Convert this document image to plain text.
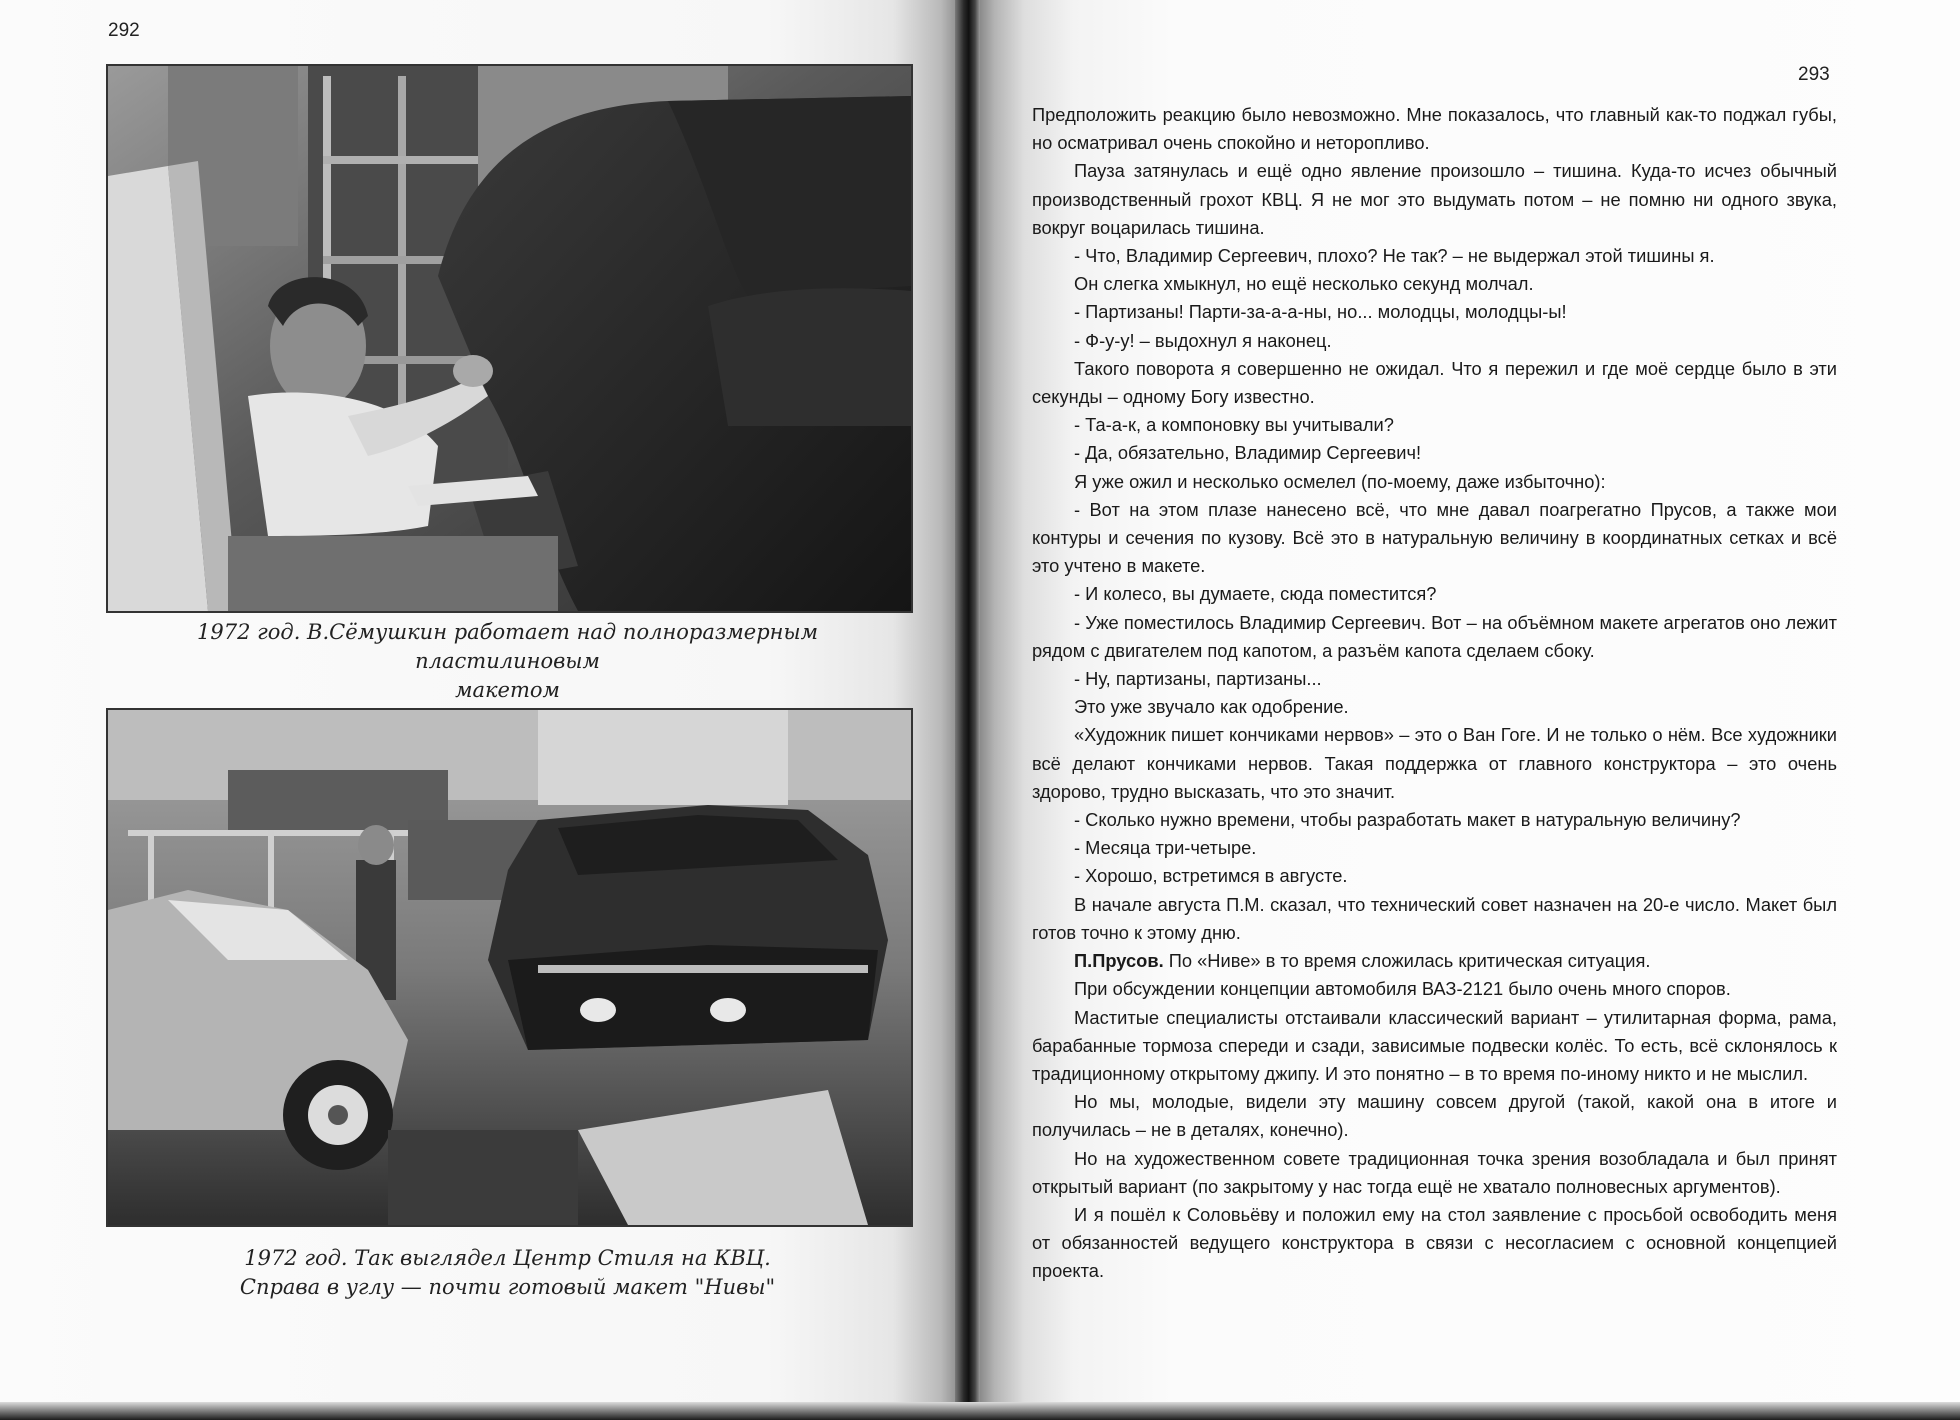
292
293
1972 год. В.Сёмушкин работает над полноразмерным пластилиновым
макетом
1972 год. Так выглядел Центр Стиля на КВЦ.
Справа в углу — почти готовый макет "Нивы"

Предположить реакцию было невозможно. Мне показалось, что главный как-то поджал губы, но осматривал очень спокойно и неторопливо.

Пауза затянулась и ещё одно явление произошло – тишина. Куда-то исчез обычный производственный грохот КВЦ. Я не мог это выдумать потом – не помню ни одного звука, вокруг воцарилась тишина.

- Что, Владимир Сергеевич, плохо? Не так? – не выдержал этой тишины я.

Он слегка хмыкнул, но ещё несколько секунд молчал.

- Партизаны! Парти-за-а-а-ны, но... молодцы, молодцы-ы!

- Ф-у-у! – выдохнул я наконец.

Такого поворота я совершенно не ожидал. Что я пережил и где моё сердце было в эти секунды – одному Богу известно.

- Та-а-к, а компоновку вы учитывали?

- Да, обязательно, Владимир Сергеевич!

Я уже ожил и несколько осмелел (по-моему, даже избыточно):

- Вот на этом плазе нанесено всё, что мне давал поагрегатно Прусов, а также мои контуры и сечения по кузову. Всё это в натуральную величину в координатных сетках и всё это учтено в макете.

- И колесо, вы думаете, сюда поместится?

- Уже поместилось Владимир Сергеевич. Вот – на объёмном макете агрегатов оно лежит рядом с двигателем под капотом, а разъём капота сделаем сбоку.

- Ну, партизаны, партизаны...

Это уже звучало как одобрение.

«Художник пишет кончиками нервов» – это о Ван Гоге. И не только о нём. Все художники всё делают кончиками нервов. Такая поддержка от главного конструктора – это очень здорово, трудно высказать, что это значит.

- Сколько нужно времени, чтобы разработать макет в натуральную величину?

- Месяца три-четыре.

- Хорошо, встретимся в августе.

В начале августа П.М. сказал, что технический совет назначен на 20-е число. Макет был готов точно к этому дню.

П.Прусов. По «Ниве» в то время сложилась критическая ситуация.

При обсуждении концепции автомобиля ВАЗ-2121 было очень много споров.

Маститые специалисты отстаивали классический вариант – утилитарная форма, рама, барабанные тормоза спереди и сзади, зависимые подвески колёс. То есть, всё склонялось к традиционному открытому джипу. И это понятно – в то время по-иному никто и не мыслил.

Но мы, молодые, видели эту машину совсем другой (такой, какой она в итоге и получилась – не в деталях, конечно).

Но на художественном совете традиционная точка зрения возобладала и был принят открытый вариант (по закрытому у нас тогда ещё не хватало полновесных аргументов).

И я пошёл к Соловьёву и положил ему на стол заявление с просьбой освободить меня от обязанностей ведущего конструктора в связи с несогласием с основной концепцией проекта.
